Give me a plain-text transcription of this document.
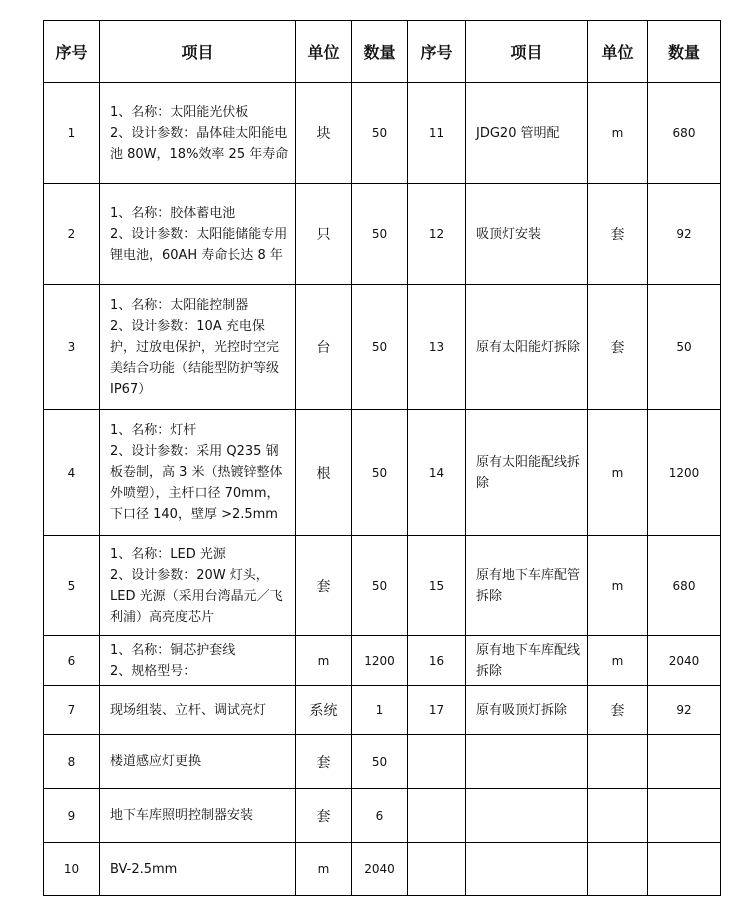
序号	项目	单位	数量	序号	项目	单位	数量
1	1、名称：太阳能光伏板
2、设计参数：晶体硅太阳能电池 80W，18%效率 25 年寿命	块	50	11	JDG20 管明配	m	680
2	1、名称：胶体蓄电池
2、设计参数：太阳能储能专用锂电池，60AH 寿命长达 8 年	只	50	12	吸顶灯安装	套	92
3	1、名称：太阳能控制器
2、设计参数：10A 充电保护，过放电保护，光控时空完美结合功能（结能型防护等级 IP67）	台	50	13	原有太阳能灯拆除	套	50
4	1、名称：灯杆
2、设计参数：采用 Q235 钢板卷制，高 3 米（热镀锌整体外喷塑），主杆口径 70mm，下口径 140，壁厚 >2.5mm	根	50	14	原有太阳能配线拆除	m	1200
5	1、名称：LED 光源
2、设计参数：20W 灯头，LED 光源（采用台湾晶元／飞利浦）高亮度芯片	套	50	15	原有地下车库配管拆除	m	680
6	1、名称：铜芯护套线
2、规格型号：	m	1200	16	原有地下车库配线拆除	m	2040
7	现场组装、立杆、调试亮灯	系统	1	17	原有吸顶灯拆除	套	92
8	楼道感应灯更换	套	50				
9	地下车库照明控制器安装	套	6				
10	BV-2.5mm	m	2040				
